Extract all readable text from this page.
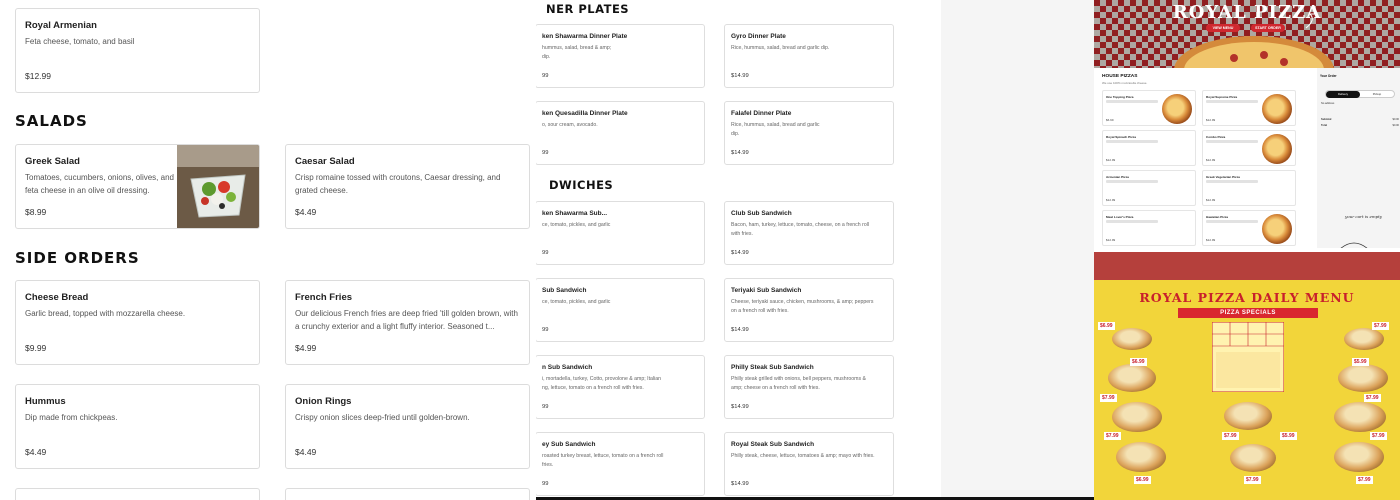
Royal Armenian
Feta cheese, tomato, and basil
$12.99
SALADS
Greek Salad
Tomatoes, cucumbers, onions, olives, and feta cheese in an olive oil dressing.
$8.99
Caesar Salad
Crisp romaine tossed with croutons, Caesar dressing, and grated cheese.
$4.49
SIDE ORDERS
Cheese Bread
Garlic bread, topped with mozzarella cheese.
$9.99
French Fries
Our delicious French fries are deep fried 'till golden brown, with a crunchy exterior and a light fluffy interior. Seasoned t...
$4.99
Hummus
Dip made from chickpeas.
$4.49
Onion Rings
Crispy onion slices deep-fried until golden-brown.
$4.49
NER PLATES
DWICHES
ken Shawarma Dinner Plate
hummus, salad, bread & amp;
dip.
99
Gyro Dinner Plate
Rice, hummus, salad, bread and garlic dip.
$14.99
ken Quesadilla Dinner Plate
o, sour cream, avocado.
99
Falafel Dinner Plate
Rice, hummus, salad, bread and garlic
dip.
$14.99
ken Shawarma Sub...
ce, tomato, pickles, and garlic
99
Club Sub Sandwich
Bacon, ham, turkey, lettuce, tomato, cheese, on a french roll
with fries.
$14.99
Sub Sandwich
ce, tomato, pickles, and garlic
99
Teriyaki Sub Sandwich
Cheese, teriyaki sauce, chicken, mushrooms, & amp; peppers
on a french roll with fries.
$14.99
n Sub Sandwich
i, mortadella, turkey, Cotto, provolone & amp; Italian
ng, lettuce, tomato on a french roll with fries.
99
Philly Steak Sub Sandwich
Philly steak grilled with onions, bell peppers, mushrooms &
amp; cheese on a french roll with fries.
$14.99
ey Sub Sandwich
roasted turkey breast, lettuce, tomato on a french roll
fries.
99
Royal Steak Sub Sandwich
Philly steak, cheese, lettuce, tomatoes & amp; mayo with fries.
$14.99
ROYAL PIZZA
VIEW MENU	START ORDER
HOUSE PIZZAS
We use 100% mozzarella cheese.
One Topping Pizza
$6.99
Royal Supreme Pizza
$12.99
Royal Spinach Pizza
$12.99
Combo Pizza
$12.99
Armenian Pizza
$12.99
Greek Vegetarian Pizza
$12.99
Meat Lover's Pizza
$12.99
Hawaiian Pizza
$12.99
Your Order
Delivery	Pickup
No address
Subtotal	$0.00
Total	$0.00
your cart is empty
ROYAL PIZZA DAILY MENU
PIZZA SPECIALS
$6.99	$7.99
$6.99	$5.99
$7.99	$7.99
$7.99	$7.99	$5.99	$7.99
$6.99	$7.99	$7.99
